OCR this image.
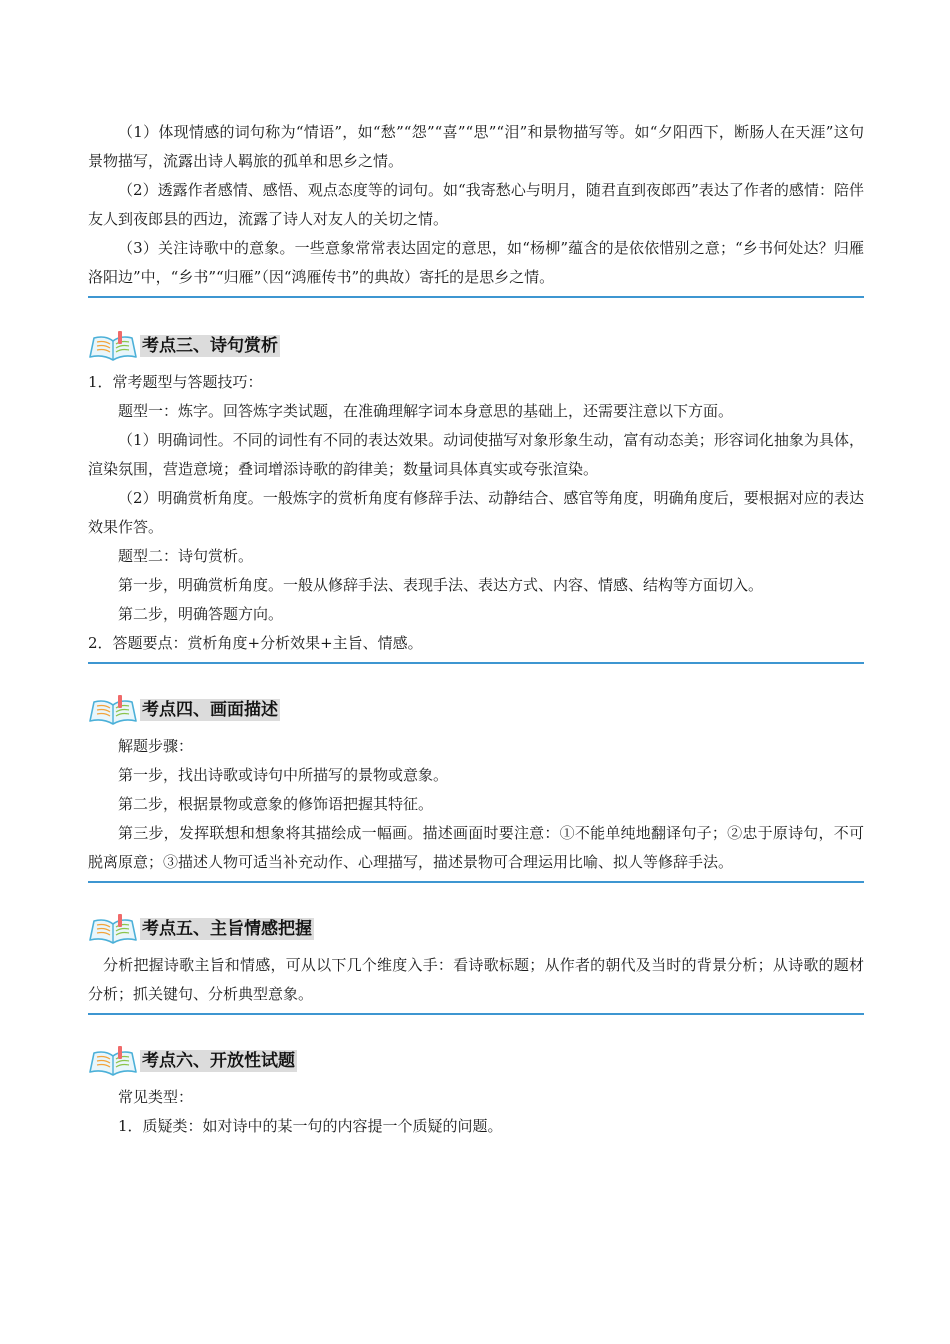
（1）体现情感的词句称为“情语”，如“愁”“怨”“喜”“思”“泪”和景物描写等。如“夕阳西下，断肠人在天涯”这句景物描写，流露出诗人羁旅的孤单和思乡之情。

（2）透露作者感情、感悟、观点态度等的词句。如“我寄愁心与明月，随君直到夜郎西”表达了作者的感情：陪伴友人到夜郎县的西边，流露了诗人对友人的关切之情。

（3）关注诗歌中的意象。一些意象常常表达固定的意思，如“杨柳”蕴含的是依依惜别之意；“乡书何处达？归雁洛阳边”中，“乡书”“归雁”（因“鸿雁传书”的典故）寄托的是思乡之情。

考点三、诗句赏析

1．常考题型与答题技巧：

题型一：炼字。回答炼字类试题，在准确理解字词本身意思的基础上，还需要注意以下方面。

（1）明确词性。不同的词性有不同的表达效果。动词使描写对象形象生动，富有动态美；形容词化抽象为具体，渲染氛围，营造意境；叠词增添诗歌的韵律美；数量词具体真实或夸张渲染。

（2）明确赏析角度。一般炼字的赏析角度有修辞手法、动静结合、感官等角度，明确角度后，要根据对应的表达效果作答。

题型二：诗句赏析。

第一步，明确赏析角度。一般从修辞手法、表现手法、表达方式、内容、情感、结构等方面切入。

第二步，明确答题方向。

2．答题要点：赏析角度+分析效果+主旨、情感。

考点四、画面描述

解题步骤：

第一步，找出诗歌或诗句中所描写的景物或意象。

第二步，根据景物或意象的修饰语把握其特征。

第三步，发挥联想和想象将其描绘成一幅画。描述画面时要注意：①不能单纯地翻译句子；②忠于原诗句，不可脱离原意；③描述人物可适当补充动作、心理描写，描述景物可合理运用比喻、拟人等修辞手法。

考点五、主旨情感把握

分析把握诗歌主旨和情感，可从以下几个维度入手：看诗歌标题；从作者的朝代及当时的背景分析；从诗歌的题材分析；抓关键句、分析典型意象。

考点六、开放性试题

常见类型：

1．质疑类：如对诗中的某一句的内容提一个质疑的问题。
